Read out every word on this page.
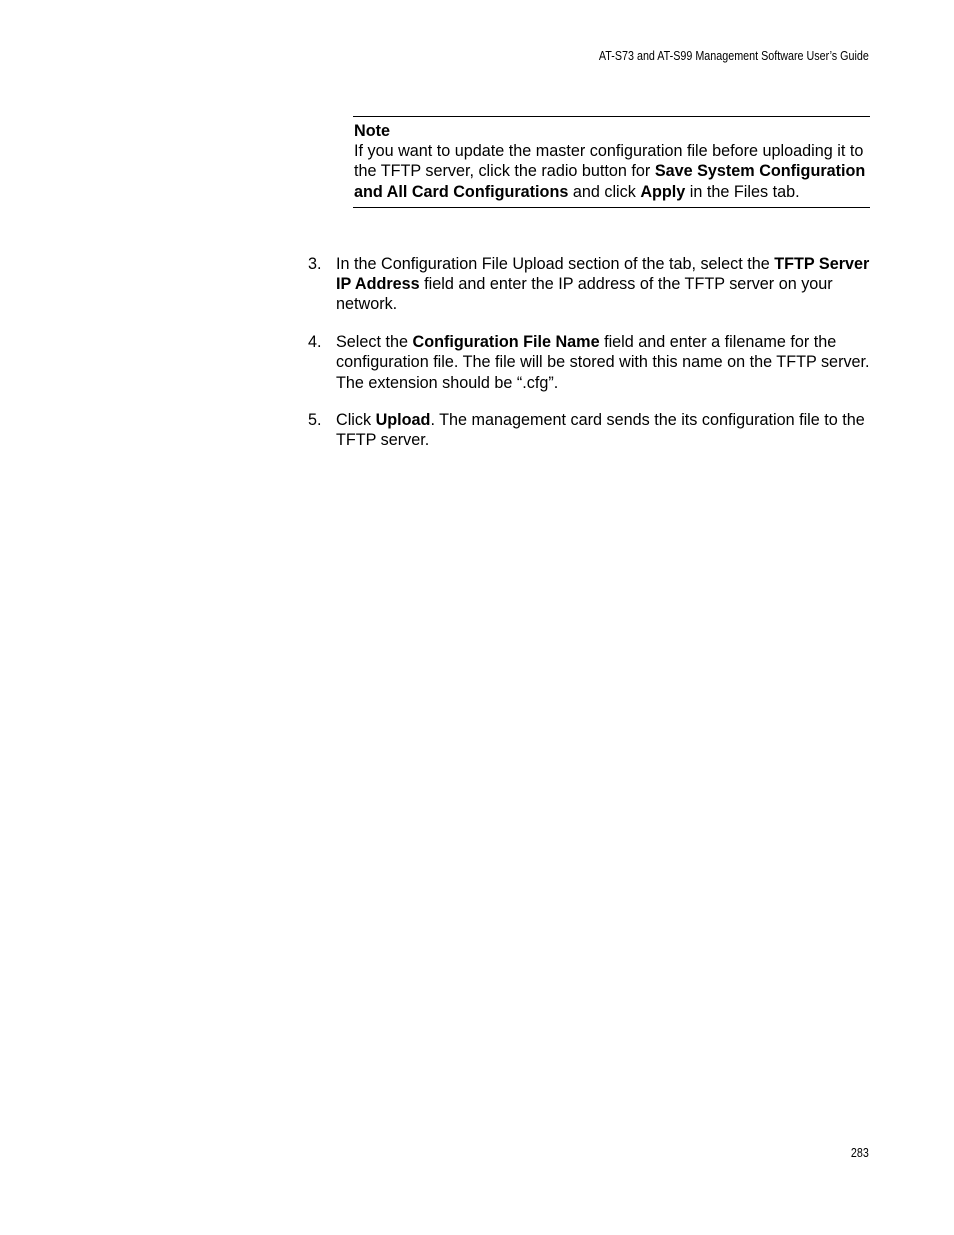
AT-S73 and AT-S99 Management Software User’s Guide
Note
If you want to update the master configuration file before uploading it to the TFTP server, click the radio button for Save System Configuration and All Card Configurations and click Apply in the Files tab.
3. In the Configuration File Upload section of the tab, select the TFTP Server IP Address field and enter the IP address of the TFTP server on your network.
4. Select the Configuration File Name field and enter a filename for the configuration file. The file will be stored with this name on the TFTP server. The extension should be “.cfg”.
5. Click Upload. The management card sends the its configuration file to the TFTP server.
283
